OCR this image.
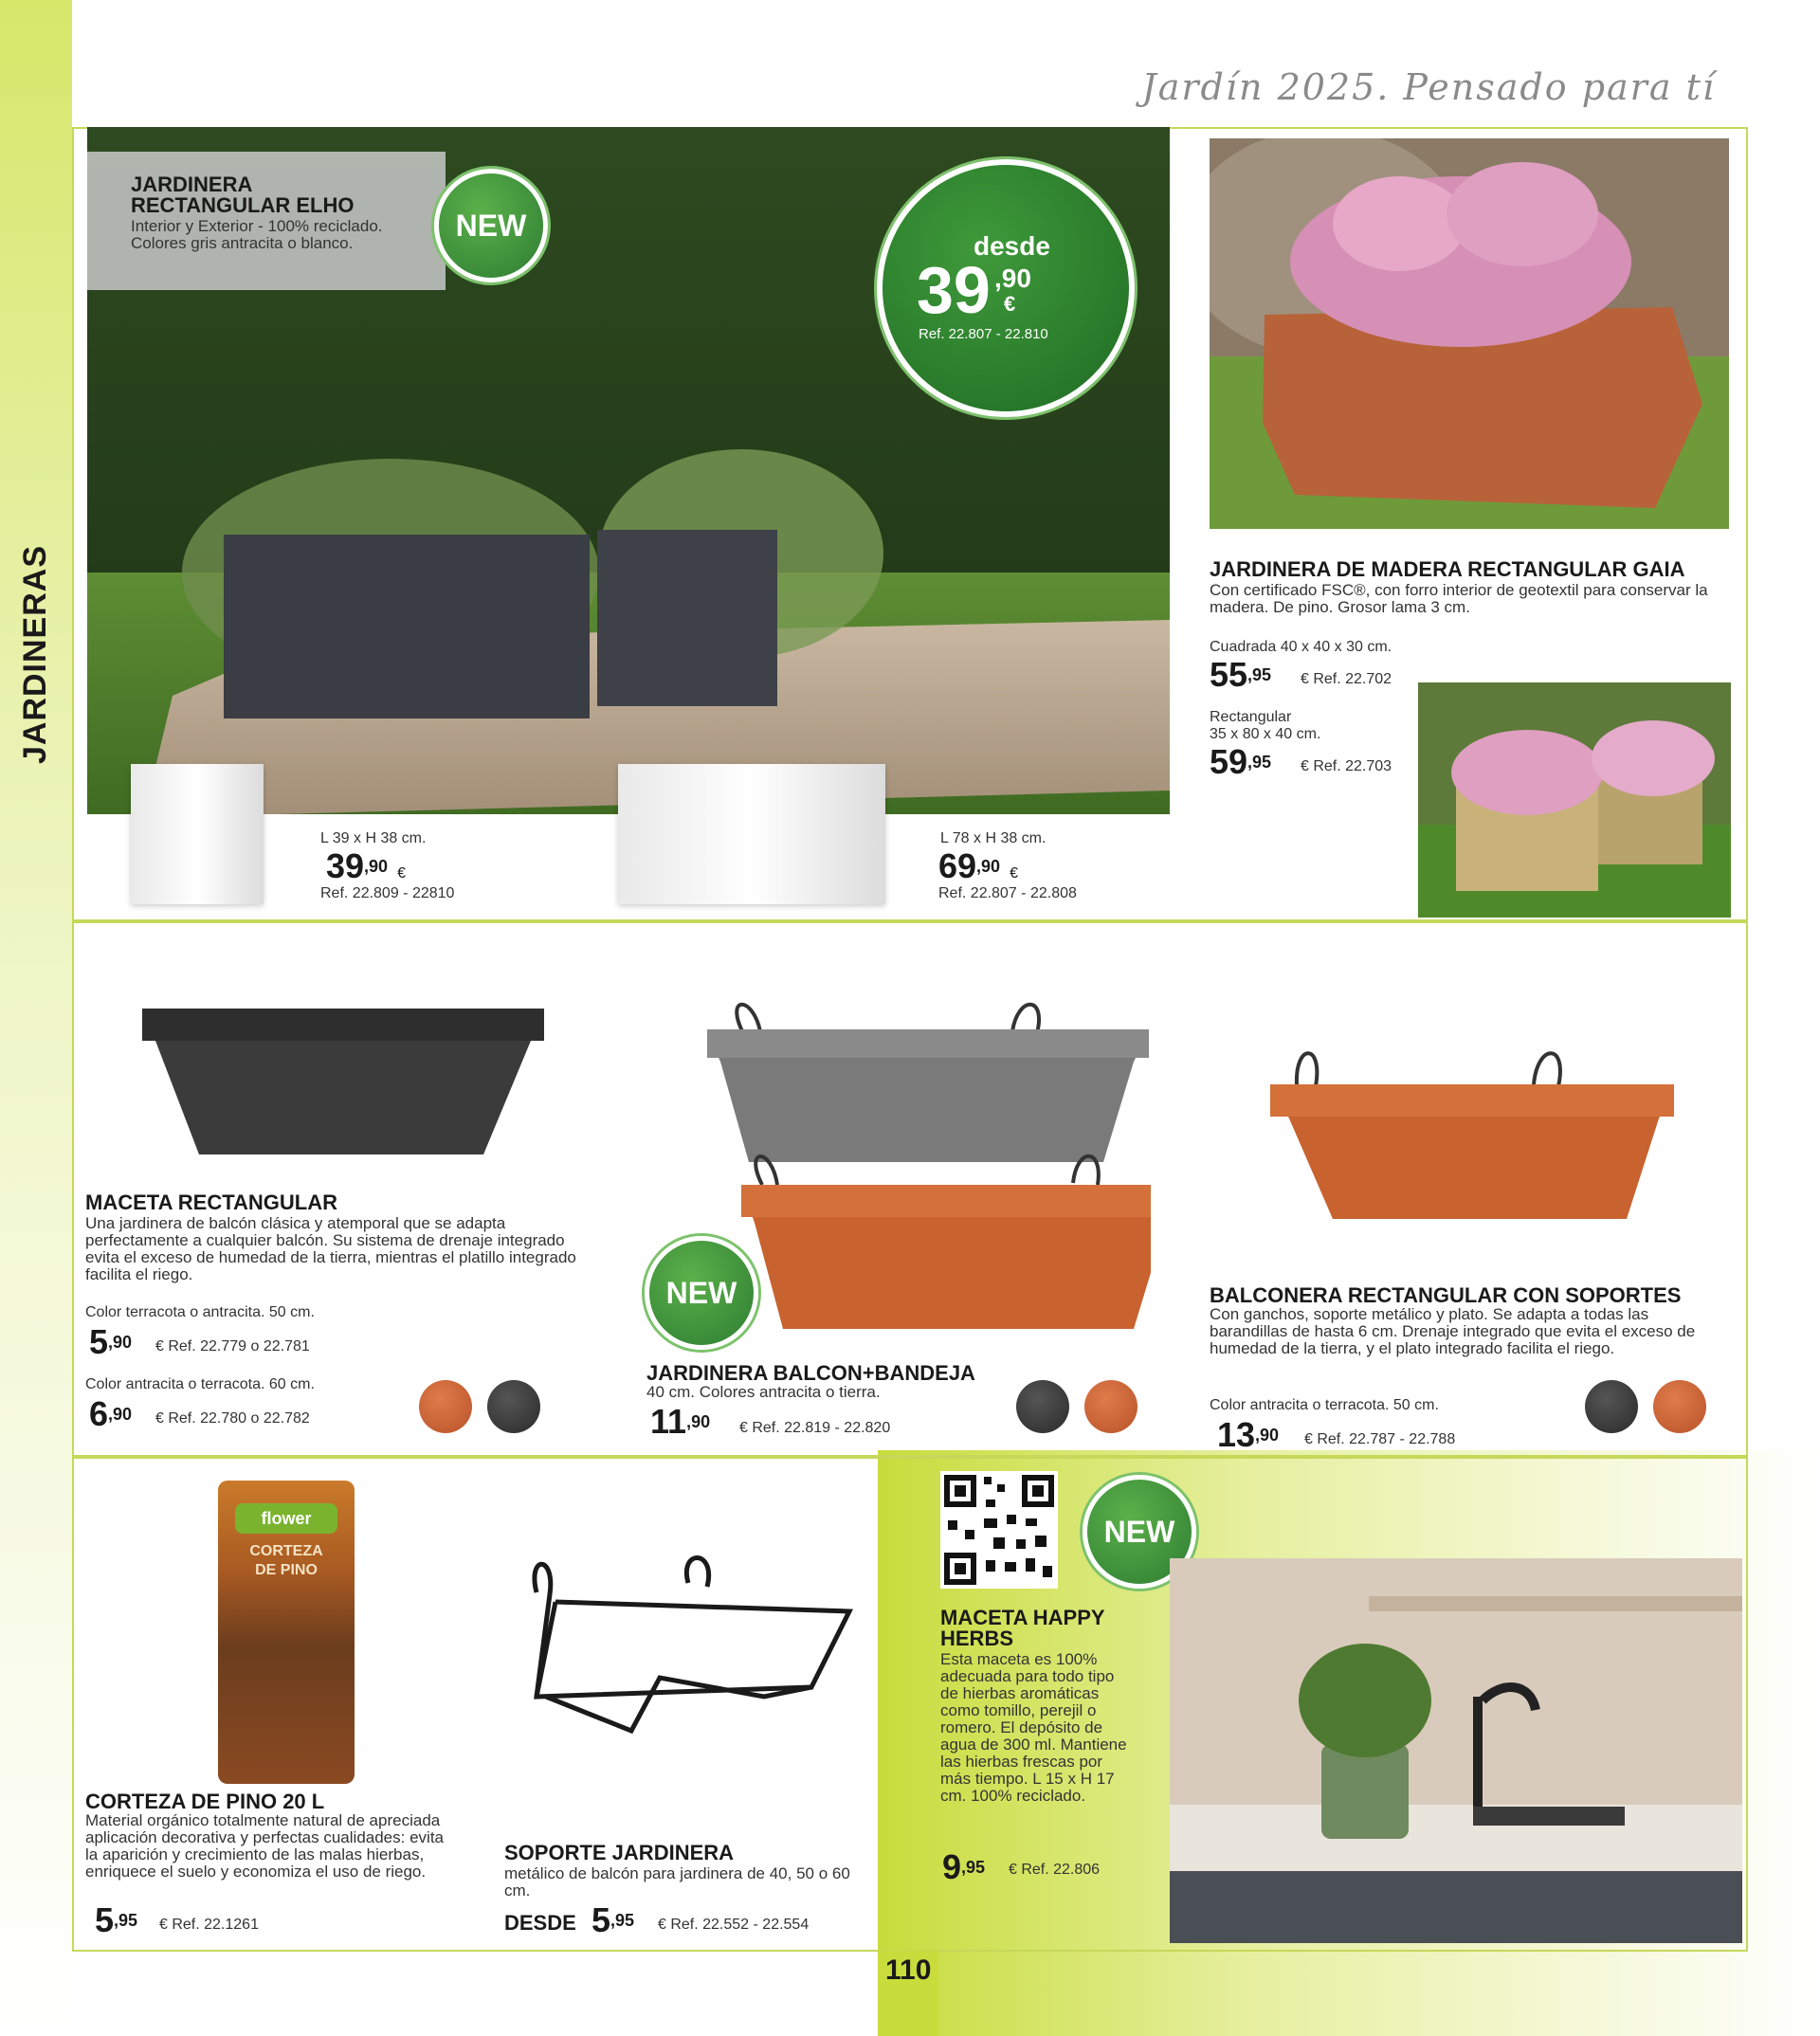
Jardín 2025. Pensado para tí
JARDINERAS
JARDINERA
RECTANGULAR ELHO
Interior y Exterior - 100% reciclado. Colores gris antracita o blanco.
NEW
desde
39 ,90
€
Ref. 22.807 - 22.810
L 39 x H 38 cm.
$39^{,90}$ €
Ref. 22.809 - 22810
L 78 x H 38 cm.
$69^{,90}$ €
Ref. 22.807 - 22.808
JARDINERA DE MADERA RECTANGULAR GAIA
Con certificado FSC®, con forro interior de geotextil para conservar la madera. De pino. Grosor lama 3 cm.
Cuadrada 40 x 40 x 30 cm.
$55^{,95}$ € Ref. 22.702
Rectangular
35 x 80 x 40 cm.
$59^{,95}$ € Ref. 22.703
MACETA RECTANGULAR
Una jardinera de balcón clásica y atemporal que se adapta perfectamente a cualquier balcón. Su sistema de drenaje integrado evita el exceso de humedad de la tierra, mientras el platillo integrado facilita el riego.
Color terracota o antracita. 50 cm.
$5^{,90}$ € Ref. 22.779 o 22.781
Color antracita o terracota. 60 cm.
$6^{,90}$ € Ref. 22.780 o 22.782
NEW
JARDINERA BALCON+BANDEJA
40 cm. Colores antracita o tierra.
$11^{,90}$ € Ref. 22.819 - 22.820
BALCONERA RECTANGULAR CON SOPORTES
Con ganchos, soporte metálico y plato. Se adapta a todas las barandillas de hasta 6 cm. Drenaje integrado que evita el exceso de humedad de la tierra, y el plato integrado facilita el riego.
Color antracita o terracota. 50 cm.
$13^{,90}$ € Ref. 22.787 - 22.788
flower
CORTEZA
DE PINO
CORTEZA DE PINO 20 L
Material orgánico totalmente natural de apreciada aplicación decorativa y perfectas cualidades: evita la aparición y crecimiento de las malas hierbas, enriquece el suelo y economiza el uso de riego.
$5^{,95}$ € Ref. 22.1261
SOPORTE JARDINERA
metálico de balcón para jardinera de 40, 50 o 60 cm.
DESDE $5^{,95}$ € Ref. 22.552 - 22.554
NEW
MACETA HAPPY
HERBS
Esta maceta es 100% adecuada para todo tipo de hierbas aromáticas como tomillo, perejil o romero. El depósito de agua de 300 ml. Mantiene las hierbas frescas por más tiempo. L 15 x H 17 cm. 100% reciclado.
$9^{,95}$ € Ref. 22.806
110
